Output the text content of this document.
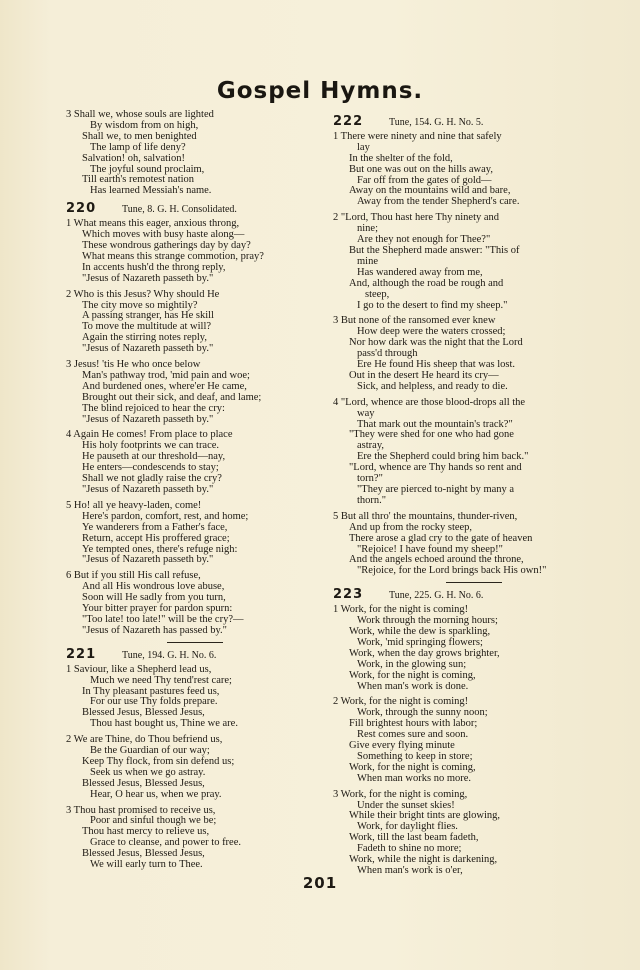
Gospel Hymns.
3 Shall we, whose souls are lighted
By wisdom from on high,
Shall we, to men benighted
The lamp of life deny?
Salvation! oh, salvation!
The joyful sound proclaim,
Till earth's remotest nation
Has learned Messiah's name.
220	Tune, 8. G. H. Consolidated.
1 What means this eager, anxious throng,
Which moves with busy haste along—
These wondrous gatherings day by day?
What means this strange commotion, pray?
In accents hush'd the throng reply,
"Jesus of Nazareth passeth by."
2 Who is this Jesus? Why should He
The city move so mightily?
A passing stranger, has He skill
To move the multitude at will?
Again the stirring notes reply,
"Jesus of Nazareth passeth by."
3 Jesus! 'tis He who once below
Man's pathway trod, 'mid pain and woe;
And burdened ones, where'er He came,
Brought out their sick, and deaf, and lame;
The blind rejoiced to hear the cry:
"Jesus of Nazareth passeth by."
4 Again He comes! From place to place
His holy footprints we can trace.
He pauseth at our threshold—nay,
He enters—condescends to stay;
Shall we not gladly raise the cry?
"Jesus of Nazareth passeth by."
5 Ho! all ye heavy-laden, come!
Here's pardon, comfort, rest, and home;
Ye wanderers from a Father's face,
Return, accept His proffered grace;
Ye tempted ones, there's refuge nigh:
"Jesus of Nazareth passeth by."
6 But if you still His call refuse,
And all His wondrous love abuse,
Soon will He sadly from you turn,
Your bitter prayer for pardon spurn:
"Too late! too late!" will be the cry?—
"Jesus of Nazareth has passed by."
221	Tune, 194. G. H. No. 6.
1 Saviour, like a Shepherd lead us,
Much we need Thy tend'rest care;
In Thy pleasant pastures feed us,
For our use Thy folds prepare.
Blessed Jesus, Blessed Jesus,
Thou hast bought us, Thine we are.
2 We are Thine, do Thou befriend us,
Be the Guardian of our way;
Keep Thy flock, from sin defend us;
Seek us when we go astray.
Blessed Jesus, Blessed Jesus,
Hear, O hear us, when we pray.
3 Thou hast promised to receive us,
Poor and sinful though we be;
Thou hast mercy to relieve us,
Grace to cleanse, and power to free.
Blessed Jesus, Blessed Jesus,
We will early turn to Thee.
222	Tune, 154. G. H. No. 5.
1 There were ninety and nine that safely
lay
In the shelter of the fold,
But one was out on the hills away,
Far off from the gates of gold—
Away on the mountains wild and bare,
Away from the tender Shepherd's care.
2 "Lord, Thou hast here Thy ninety and
nine;
Are they not enough for Thee?"
But the Shepherd made answer: "This of
mine
Has wandered away from me,
And, although the road be rough and
steep,
I go to the desert to find my sheep."
3 But none of the ransomed ever knew
How deep were the waters crossed;
Nor how dark was the night that the Lord
pass'd through
Ere He found His sheep that was lost.
Out in the desert He heard its cry—
Sick, and helpless, and ready to die.
4 "Lord, whence are those blood-drops all the
way
That mark out the mountain's track?"
"They were shed for one who had gone
astray,
Ere the Shepherd could bring him back."
"Lord, whence are Thy hands so rent and
torn?"
"They are pierced to-night by many a
thorn."
5 But all thro' the mountains, thunder-riven,
And up from the rocky steep,
There arose a glad cry to the gate of heaven
"Rejoice! I have found my sheep!"
And the angels echoed around the throne,
"Rejoice, for the Lord brings back His own!"
223	Tune, 225. G. H. No. 6.
1 Work, for the night is coming!
Work through the morning hours;
Work, while the dew is sparkling,
Work, 'mid springing flowers;
Work, when the day grows brighter,
Work, in the glowing sun;
Work, for the night is coming,
When man's work is done.
2 Work, for the night is coming!
Work, through the sunny noon;
Fill brightest hours with labor;
Rest comes sure and soon.
Give every flying minute
Something to keep in store;
Work, for the night is coming,
When man works no more.
3 Work, for the night is coming,
Under the sunset skies!
While their bright tints are glowing,
Work, for daylight flies.
Work, till the last beam fadeth,
Fadeth to shine no more;
Work, while the night is darkening,
When man's work is o'er,
201
